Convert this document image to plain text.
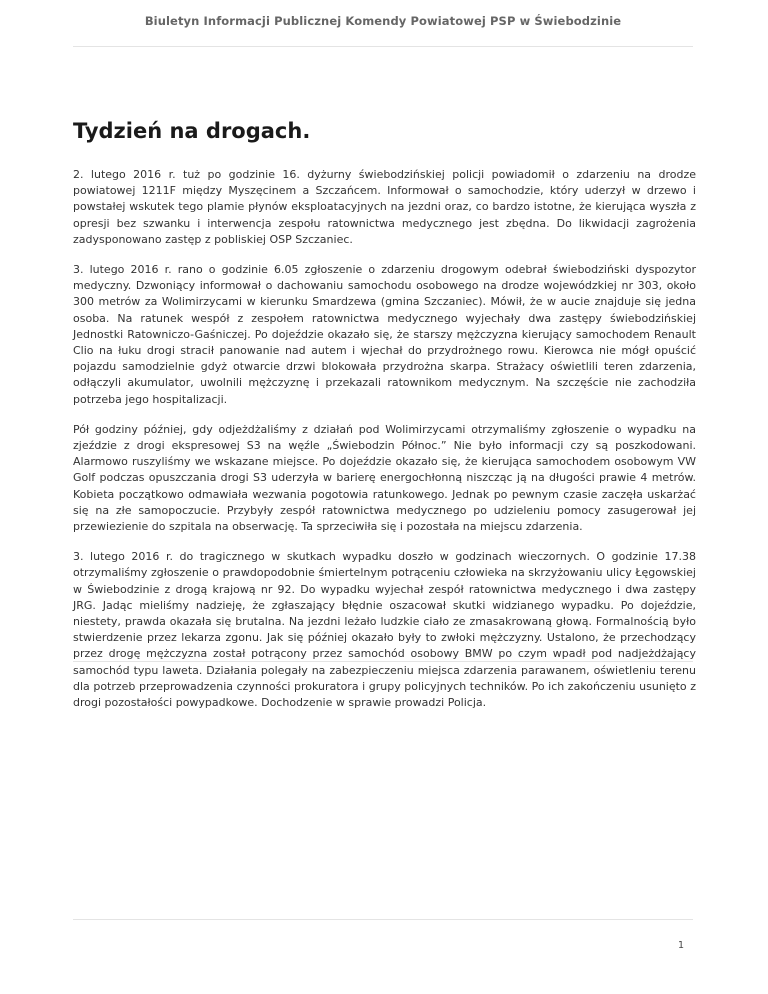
Biuletyn Informacji Publicznej Komendy Powiatowej PSP w Świebodzinie
Tydzień na drogach.

2. lutego 2016 r. tuż po godzinie 16. dyżurny świebodzińskiej policji powiadomił o zdarzeniu na drodze powiatowej 1211F między Myszęcinem a Szczańcem. Informował o samochodzie, który uderzył w drzewo i powstałej wskutek tego plamie płynów eksploatacyjnych na jezdni oraz, co bardzo istotne, że kierująca wyszła z opresji bez szwanku i interwencja zespołu ratownictwa medycznego jest zbędna. Do likwidacji zagrożenia zadysponowano zastęp z pobliskiej OSP Szczaniec.

3. lutego 2016 r. rano o godzinie 6.05 zgłoszenie o zdarzeniu drogowym odebrał świebodziński dyspozytor medyczny. Dzwoniący informował o dachowaniu samochodu osobowego na drodze wojewódzkiej nr 303, około 300 metrów za Wolimirzycami w kierunku Smardzewa (gmina Szczaniec). Mówił, że w aucie znajduje się jedna osoba. Na ratunek wespół z zespołem ratownictwa medycznego wyjechały dwa zastępy świebodzińskiej Jednostki Ratowniczo-Gaśniczej. Po dojeździe okazało się, że starszy mężczyzna kierujący samochodem Renault Clio na łuku drogi stracił panowanie nad autem i wjechał do przydrożnego rowu. Kierowca nie mógł opuścić pojazdu samodzielnie gdyż otwarcie drzwi blokowała przydrożna skarpa. Strażacy oświetlili teren zdarzenia, odłączyli akumulator, uwolnili mężczyznę i przekazali ratownikom medycznym. Na szczęście nie zachodziła potrzeba jego hospitalizacji.

Pół godziny później, gdy odjeżdżaliśmy z działań pod Wolimirzycami otrzymaliśmy zgłoszenie o wypadku na zjeździe z drogi ekspresowej S3 na węźle „Świebodzin Północ.” Nie było informacji czy są poszkodowani. Alarmowo ruszyliśmy we wskazane miejsce. Po dojeździe okazało się, że kierująca samochodem osobowym VW Golf podczas opuszczania drogi S3 uderzyła w barierę energochłonną niszcząc ją na długości prawie 4 metrów. Kobieta początkowo odmawiała wezwania pogotowia ratunkowego. Jednak po pewnym czasie zaczęła uskarżać się na złe samopoczucie. Przybyły zespół ratownictwa medycznego po udzieleniu pomocy zasugerował jej przewiezienie do szpitala na obserwację. Ta sprzeciwiła się i pozostała na miejscu zdarzenia.

3. lutego 2016 r. do tragicznego w skutkach wypadku doszło w godzinach wieczornych. O godzinie 17.38 otrzymaliśmy zgłoszenie o prawdopodobnie śmiertelnym potrąceniu człowieka na skrzyżowaniu ulicy Łęgowskiej w Świebodzinie z drogą krajową nr 92. Do wypadku wyjechał zespół ratownictwa medycznego i dwa zastępy JRG. Jadąc mieliśmy nadzieję, że zgłaszający błędnie oszacował skutki widzianego wypadku. Po dojeździe, niestety, prawda okazała się brutalna. Na jezdni leżało ludzkie ciało ze zmasakrowaną głową. Formalnością było stwierdzenie przez lekarza zgonu. Jak się później okazało były to zwłoki mężczyzny. Ustalono, że przechodzący przez drogę mężczyzna został potrącony przez samochód osobowy BMW po czym wpadł pod nadjeżdżający samochód typu laweta. Działania polegały na zabezpieczeniu miejsca zdarzenia parawanem, oświetleniu terenu dla potrzeb przeprowadzenia czynności prokuratora i grupy policyjnych techników. Po ich zakończeniu usunięto z drogi pozostałości powypadkowe. Dochodzenie w sprawie prowadzi Policja.

1
